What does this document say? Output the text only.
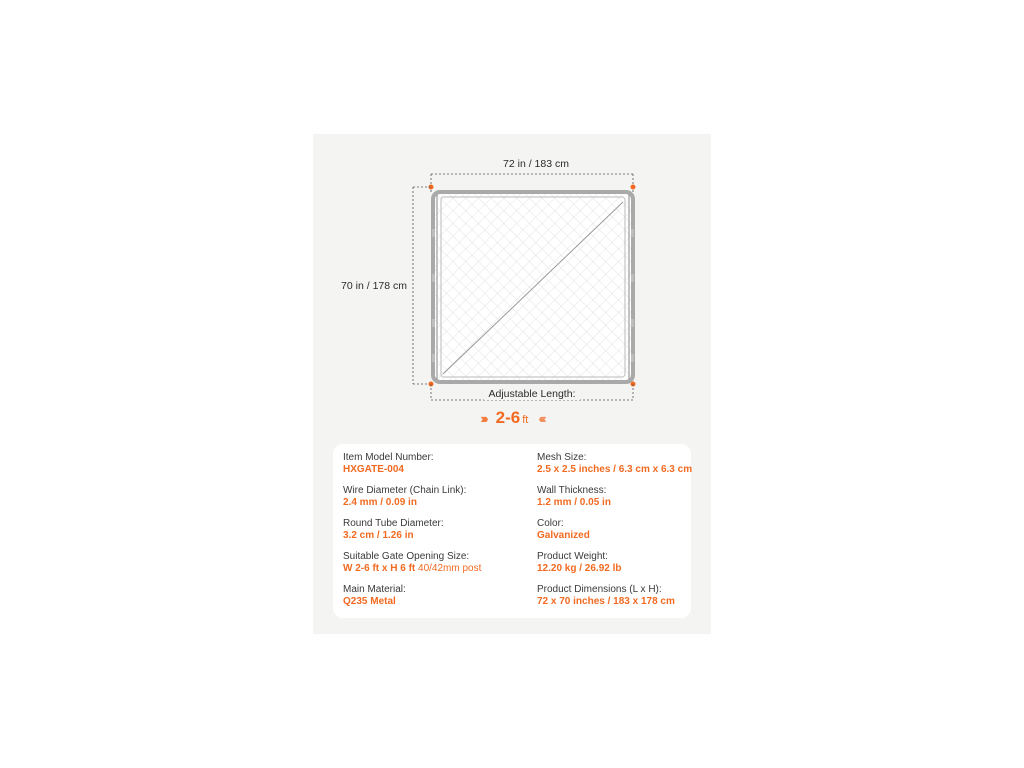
72 in / 183 cm
70 in / 178 cm
Adjustable Length:
›››› 2-6 ft ‹‹‹‹
Item Model Number:
HXGATE-004
Wire Diameter (Chain Link):
2.4 mm / 0.09 in
Round Tube Diameter:
3.2 cm / 1.26 in
Suitable Gate Opening Size:
W 2-6 ft x H 6 ft 40/42mm post
Main Material:
Q235 Metal
Mesh Size:
2.5 x 2.5 inches / 6.3 cm x 6.3 cm
Wall Thickness:
1.2 mm / 0.05 in
Color:
Galvanized
Product Weight:
12.20 kg / 26.92 lb
Product Dimensions (L x H):
72 x 70 inches / 183 x 178 cm
